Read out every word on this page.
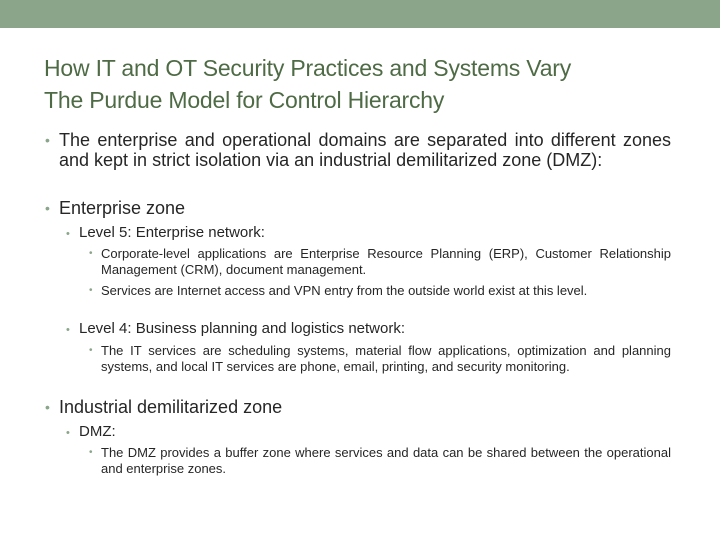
How IT and OT Security Practices and Systems Vary
The Purdue Model for Control Hierarchy
• The enterprise and operational domains are separated into different zones and kept in strict isolation via an industrial demilitarized zone (DMZ):
• Enterprise zone
• Level 5: Enterprise network:
• Corporate-level applications are Enterprise Resource Planning (ERP), Customer Relationship Management (CRM), document management.
• Services are Internet access and VPN entry from the outside world exist at this level.
• Level 4: Business planning and logistics network:
• The IT services are scheduling systems, material flow applications, optimization and planning systems, and local IT services are phone, email, printing, and security monitoring.
• Industrial demilitarized zone
• DMZ:
• The DMZ provides a buffer zone where services and data can be shared between the operational and enterprise zones.
